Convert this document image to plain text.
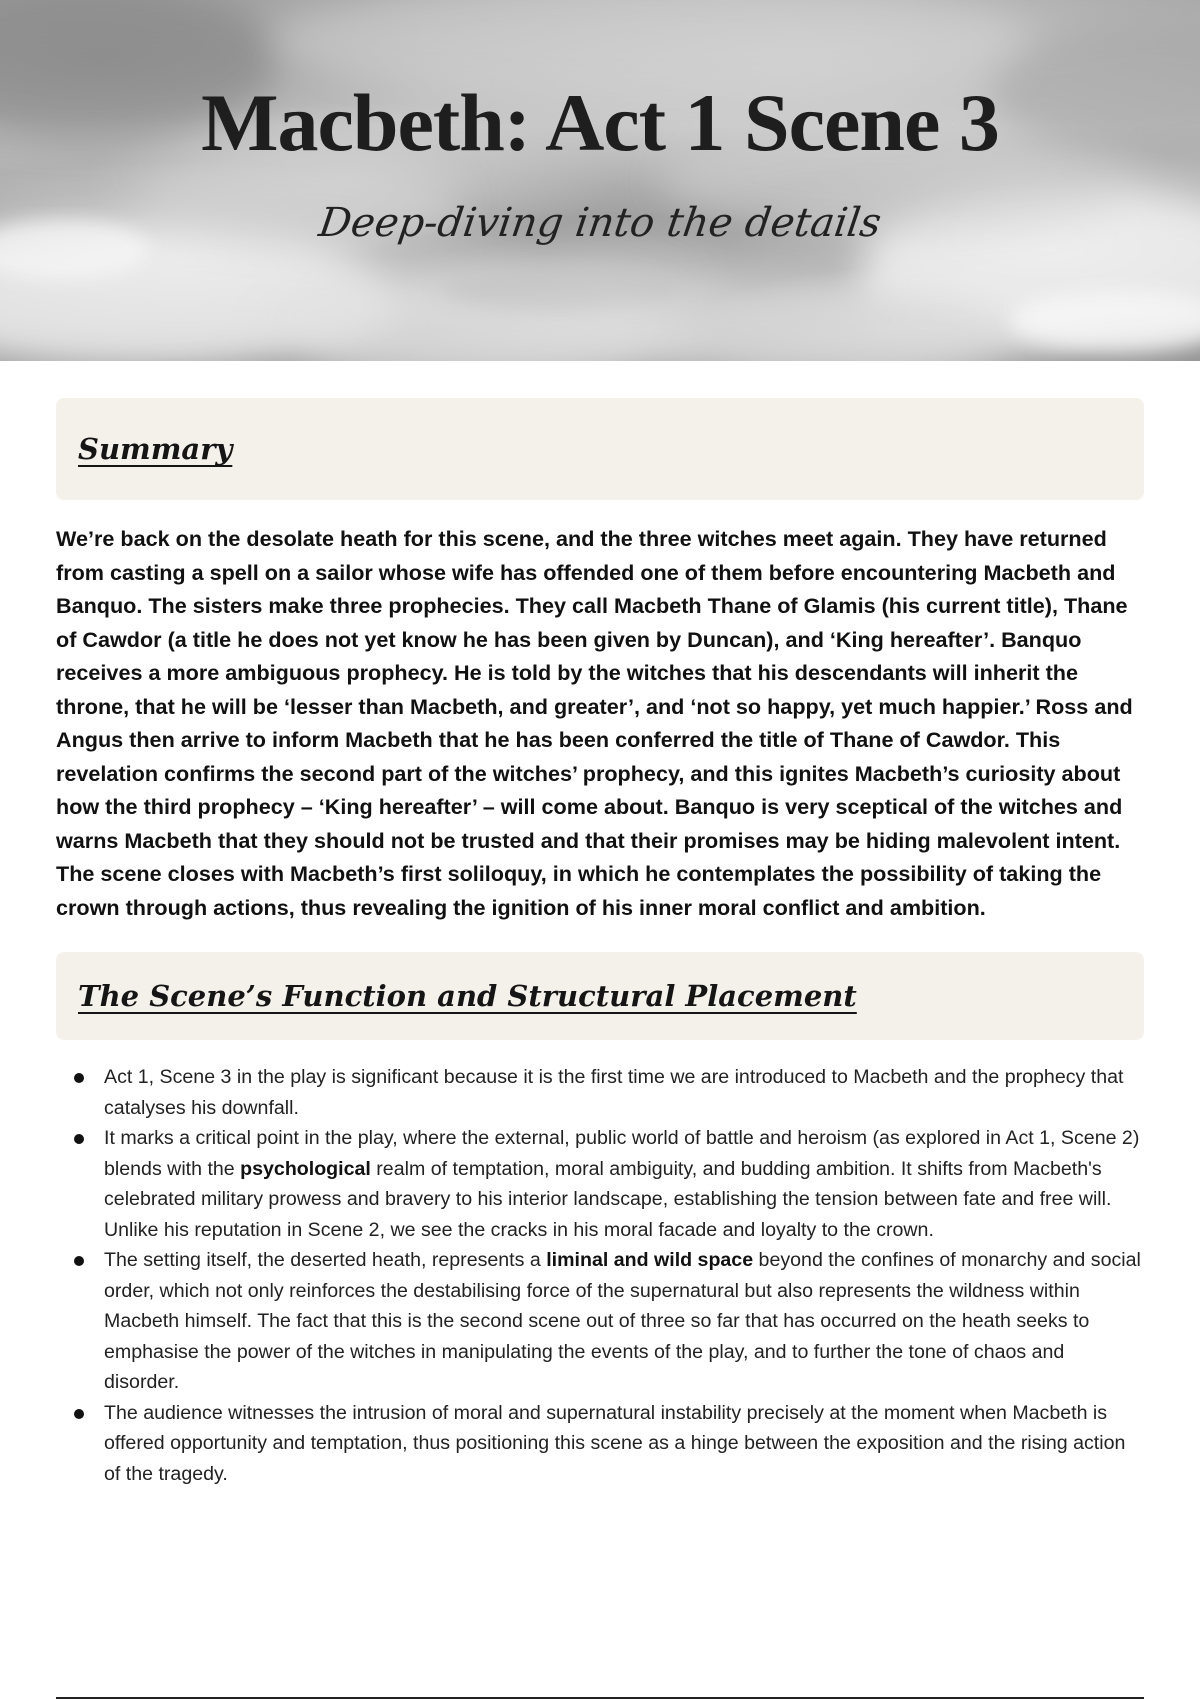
Macbeth: Act 1 Scene 3

Deep-diving into the details

Summary

We’re back on the desolate heath for this scene, and the three witches meet again. They have returned from casting a spell on a sailor whose wife has offended one of them before encountering Macbeth and Banquo. The sisters make three prophecies. They call Macbeth Thane of Glamis (his current title), Thane of Cawdor (a title he does not yet know he has been given by Duncan), and ‘King hereafter’. Banquo receives a more ambiguous prophecy. He is told by the witches that his descendants will inherit the throne, that he will be ‘lesser than Macbeth, and greater’, and ‘not so happy, yet much happier.’ Ross and Angus then arrive to inform Macbeth that he has been conferred the title of Thane of Cawdor. This revelation confirms the second part of the witches’ prophecy, and this ignites Macbeth’s curiosity about how the third prophecy – ‘King hereafter’ – will come about. Banquo is very sceptical of the witches and warns Macbeth that they should not be trusted and that their promises may be hiding malevolent intent. The scene closes with Macbeth’s first soliloquy, in which he contemplates the possibility of taking the crown through actions, thus revealing the ignition of his inner moral conflict and ambition.

The Scene’s Function and Structural Placement
Act 1, Scene 3 in the play is significant because it is the first time we are introduced to Macbeth and the prophecy that catalyses his downfall.
It marks a critical point in the play, where the external, public world of battle and heroism (as explored in Act 1, Scene 2) blends with the psychological realm of temptation, moral ambiguity, and budding ambition. It shifts from Macbeth's celebrated military prowess and bravery to his interior landscape, establishing the tension between fate and free will. Unlike his reputation in Scene 2, we see the cracks in his moral facade and loyalty to the crown.
The setting itself, the deserted heath, represents a liminal and wild space beyond the confines of monarchy and social order, which not only reinforces the destabilising force of the supernatural but also represents the wildness within Macbeth himself. The fact that this is the second scene out of three so far that has occurred on the heath seeks to emphasise the power of the witches in manipulating the events of the play, and to further the tone of chaos and disorder.
The audience witnesses the intrusion of moral and supernatural instability precisely at the moment when Macbeth is offered opportunity and temptation, thus positioning this scene as a hinge between the exposition and the rising action of the tragedy.
